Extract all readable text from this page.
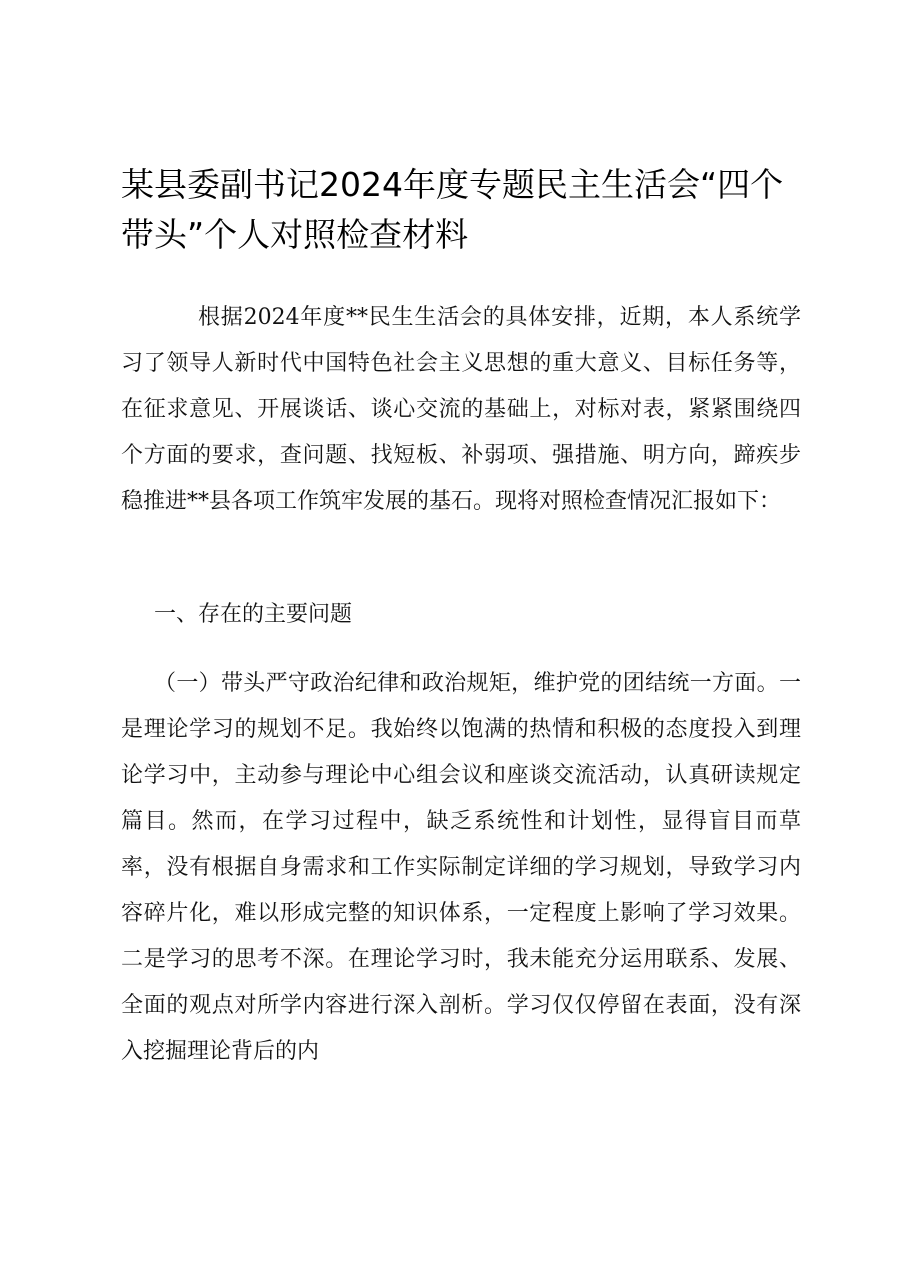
某县委副书记2024年度专题民主生活会“四个带头”个人对照检查材料

根据2024年度**民生生活会的具体安排，近期，本人系统学习了领导人新时代中国特色社会主义思想的重大意义、目标任务等，在征求意见、开展谈话、谈心交流的基础上，对标对表，紧紧围绕四个方面的要求，查问题、找短板、补弱项、强措施、明方向，蹄疾步稳推进**县各项工作筑牢发展的基石。现将对照检查情况汇报如下：

一、存在的主要问题

（一）带头严守政治纪律和政治规矩，维护党的团结统一方面。一是理论学习的规划不足。我始终以饱满的热情和积极的态度投入到理论学习中，主动参与理论中心组会议和座谈交流活动，认真研读规定篇目。然而，在学习过程中，缺乏系统性和计划性，显得盲目而草率，没有根据自身需求和工作实际制定详细的学习规划，导致学习内容碎片化，难以形成完整的知识体系，一定程度上影响了学习效果。二是学习的思考不深。在理论学习时，我未能充分运用联系、发展、全面的观点对所学内容进行深入剖析。学习仅仅停留在表面，没有深入挖掘理论背后的内
